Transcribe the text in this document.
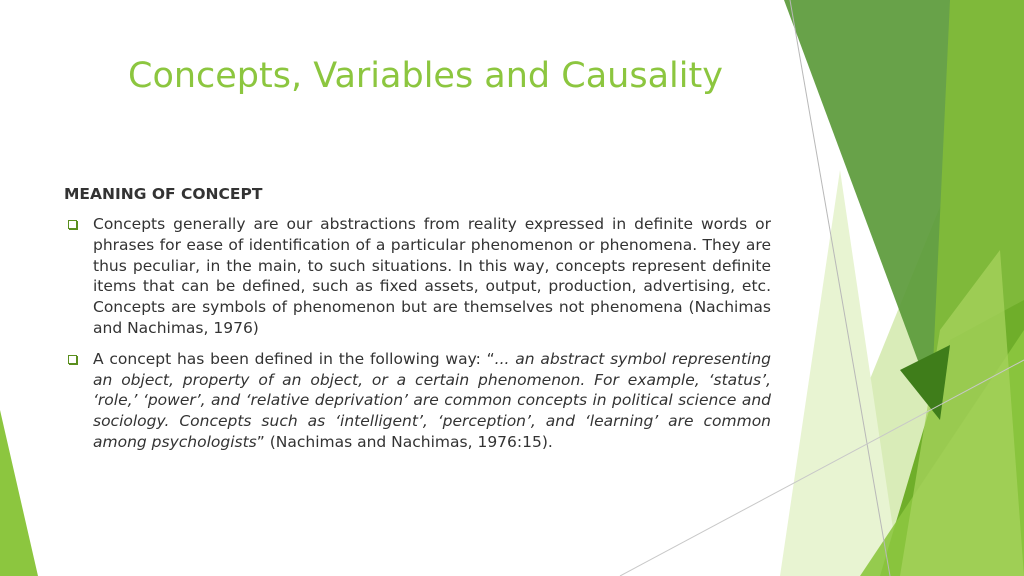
Concepts, Variables and Causality
MEANING OF CONCEPT
Concepts generally are our abstractions from reality expressed in definite words or phrases for ease of identification of a particular phenomenon or phenomena. They are thus peculiar, in the main, to such situations. In this way, concepts represent definite items that can be defined, such as fixed assets, output, production, advertising, etc. Concepts are symbols of phenomenon but are themselves not phenomena (Nachimas and Nachimas, 1976)
A concept has been defined in the following way: “... an abstract symbol representing an object, property of an object, or a certain phenomenon. For example, ‘status’, ‘role,’ ‘power’, and ‘relative deprivation’ are common concepts in political science and sociology. Concepts such as ‘intelligent’, ‘perception’, and ‘learning’ are common among psychologists” (Nachimas and Nachimas, 1976:15).
